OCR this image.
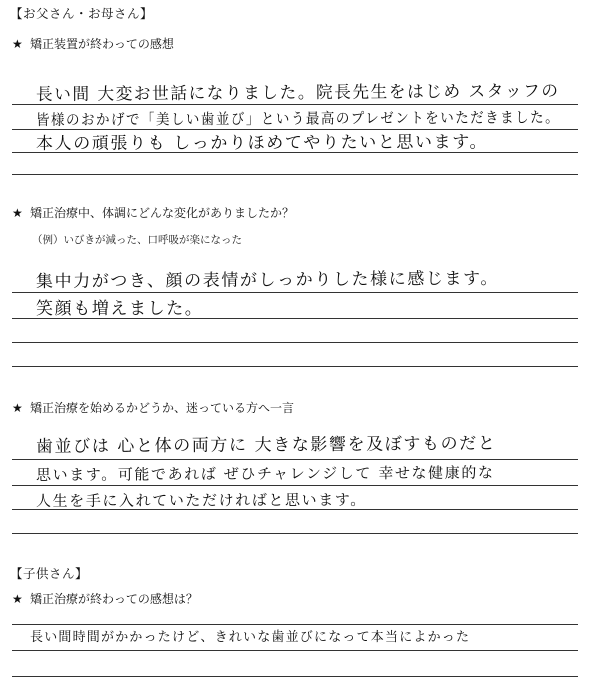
【お父さん・お母さん】
★ 矯正装置が終わっての感想
長い間 大変お世話になりました。院長先生をはじめ スタッフの
皆様のおかげで「美しい歯並び」という最高のプレゼントをいただきました。
本人の頑張りも しっかりほめてやりたいと思います。
★ 矯正治療中、体調にどんな変化がありましたか？
（例）いびきが減った、口呼吸が楽になった
集中力がつき、顔の表情がしっかりした様に感じます。
笑顔も増えました。
★ 矯正治療を始めるかどうか、迷っている方へ一言
歯並びは 心と体の両方に 大きな影響を及ぼすものだと
思います。可能であれば ぜひチャレンジして 幸せな健康的な
人生を手に入れていただければと思います。
【子供さん】
★ 矯正治療が終わっての感想は？
長い間時間がかかったけど、きれいな歯並びになって本当によかった
